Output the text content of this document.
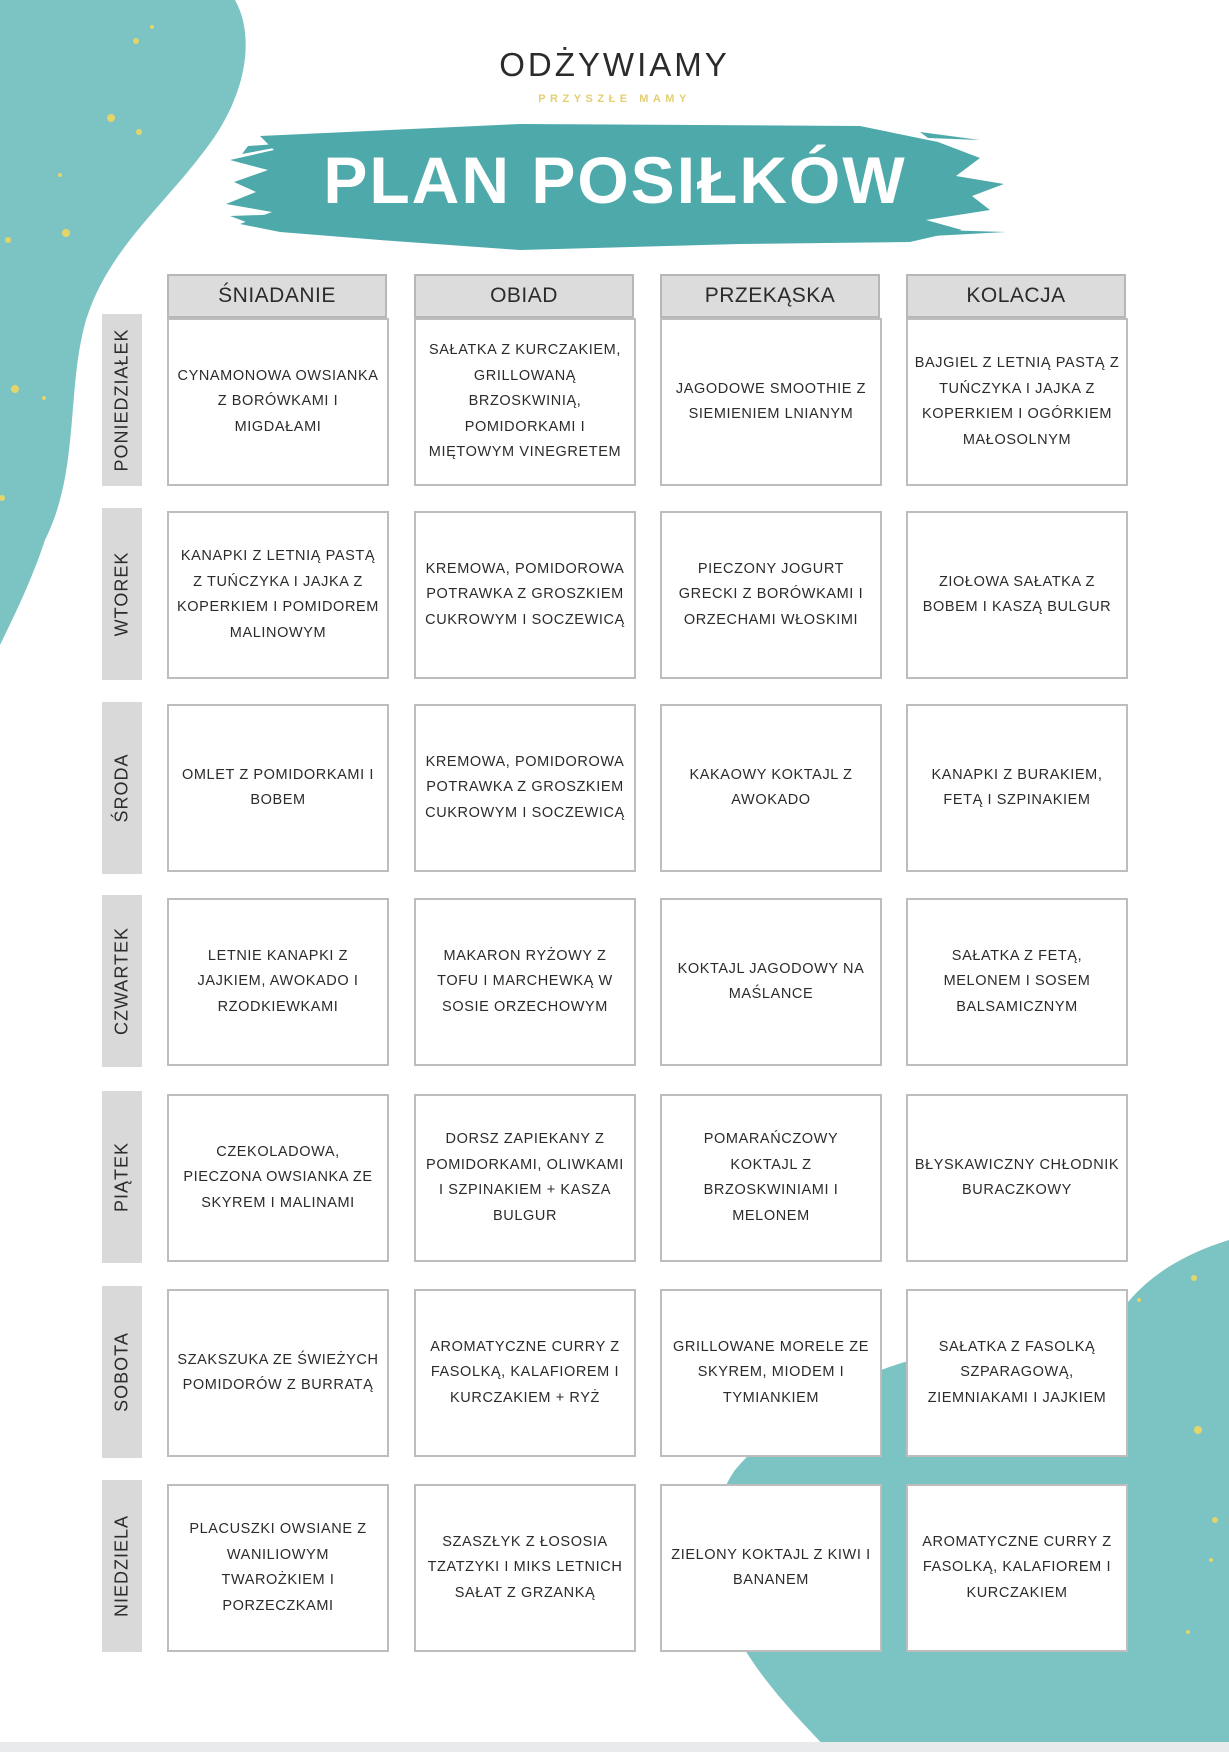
ODŻYWIAMY
PRZYSZŁE MAMY
PLAN POSIŁKÓW
ŚNIADANIE	OBIAD	PRZEKĄSKA	KOLACJA
PONIEDZIAŁEK	CYNAMONOWA OWSIANKA Z BORÓWKAMI I MIGDAŁAMI
SAŁATKA Z KURCZAKIEM, GRILLOWANĄ BRZOSKWINIĄ, POMIDORKAMI I MIĘTOWYM VINEGRETEM
JAGODOWE SMOOTHIE Z SIEMIENIEM LNIANYM
BAJGIEL Z LETNIĄ PASTĄ Z TUŃCZYKA I JAJKA Z KOPERKIEM I OGÓRKIEM MAŁOSOLNYM
WTOREK	KANAPKI Z LETNIĄ PASTĄ Z TUŃCZYKA I JAJKA Z KOPERKIEM I POMIDOREM MALINOWYM
KREMOWA, POMIDOROWA POTRAWKA Z GROSZKIEM CUKROWYM I SOCZEWICĄ
PIECZONY JOGURT GRECKI Z BORÓWKAMI I ORZECHAMI WŁOSKIMI
ZIOŁOWA SAŁATKA Z BOBEM I KASZĄ BULGUR
ŚRODA	OMLET Z POMIDORKAMI I BOBEM
KREMOWA, POMIDOROWA POTRAWKA Z GROSZKIEM CUKROWYM I SOCZEWICĄ
KAKAOWY KOKTAJL Z AWOKADO
KANAPKI Z BURAKIEM, FETĄ I SZPINAKIEM
CZWARTEK	LETNIE KANAPKI Z JAJKIEM, AWOKADO I RZODKIEWKAMI
MAKARON RYŻOWY Z TOFU I MARCHEWKĄ W SOSIE ORZECHOWYM
KOKTAJL JAGODOWY NA MAŚLANCE
SAŁATKA Z FETĄ, MELONEM I SOSEM BALSAMICZNYM
PIĄTEK	CZEKOLADOWA, PIECZONA OWSIANKA ZE SKYREM I MALINAMI
DORSZ ZAPIEKANY Z POMIDORKAMI, OLIWKAMI I SZPINAKIEM + KASZA BULGUR
POMARAŃCZOWY KOKTAJL Z BRZOSKWINIAMI I MELONEM
BŁYSKAWICZNY CHŁODNIK BURACZKOWY
SOBOTA	SZAKSZUKA ZE ŚWIEŻYCH POMIDORÓW Z BURRATĄ
AROMATYCZNE CURRY Z FASOLKĄ, KALAFIOREM I KURCZAKIEM + RYŻ
GRILLOWANE MORELE ZE SKYREM, MIODEM I TYMIANKIEM
SAŁATKA Z FASOLKĄ SZPARAGOWĄ, ZIEMNIAKAMI I JAJKIEM
NIEDZIELA	PLACUSZKI OWSIANE Z WANILIOWYM TWAROŻKIEM I PORZECZKAMI
SZASZŁYK Z ŁOSOSIA TZATZYKI I MIKS LETNICH SAŁAT Z GRZANKĄ
ZIELONY KOKTAJL Z KIWI I BANANEM
AROMATYCZNE CURRY Z FASOLKĄ, KALAFIOREM I KURCZAKIEM
